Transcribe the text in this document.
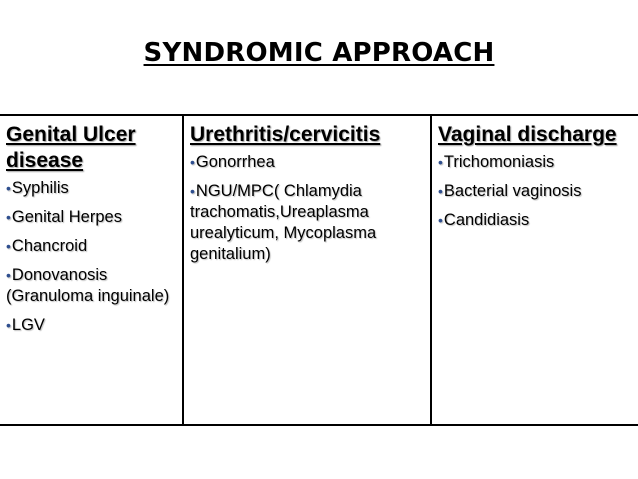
SYNDROMIC APPROACH
Genital Ulcer disease
•Syphilis
•Genital Herpes
•Chancroid
•Donovanosis (Granuloma inguinale)
•LGV
Urethritis/cervicitis
•Gonorrhea
•NGU/MPC( Chlamydia trachomatis,Ureaplasma urealyticum, Mycoplasma genitalium)
Vaginal discharge
•Trichomoniasis
•Bacterial vaginosis
•Candidiasis
